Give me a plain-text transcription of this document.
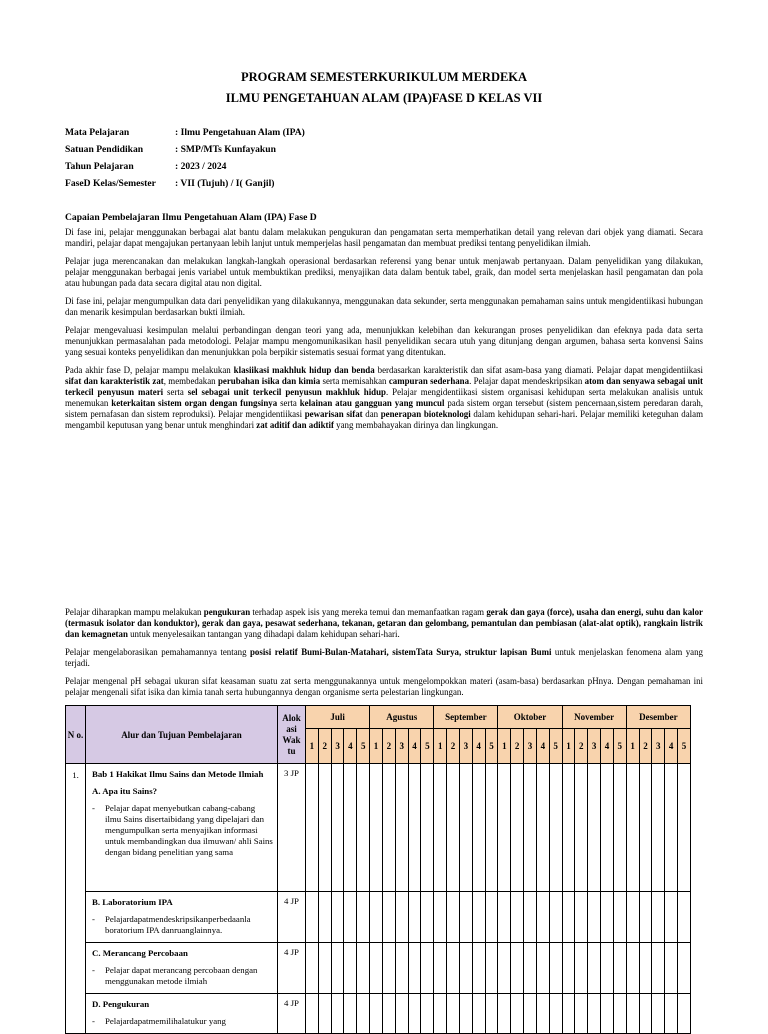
PROGRAM SEMESTERKURIKULUM MERDEKA
ILMU PENGETAHUAN ALAM (IPA)FASE D KELAS VII
Mata Pelajaran	: Ilmu Pengetahuan Alam (IPA)
Satuan Pendidikan	: SMP/MTs Kunfayakun
Tahun Pelajaran	: 2023 / 2024
FaseD Kelas/Semester : VII (Tujuh) / I( Ganjil)
Capaian Pembelajaran Ilmu Pengetahuan Alam (IPA) Fase D

Di fase ini, pelajar menggunakan berbagai alat bantu dalam melakukan pengukuran dan pengamatan serta memperhatikan detail yang relevan dari objek yang diamati. Secara mandiri, pelajar dapat mengajukan pertanyaan lebih lanjut untuk memperjelas hasil pengamatan dan membuat prediksi tentang penyelidikan ilmiah.

Pelajar juga merencanakan dan melakukan langkah-langkah operasional berdasarkan referensi yang benar untuk menjawab pertanyaan. Dalam penyelidikan yang dilakukan, pelajar menggunakan berbagai jenis variabel untuk membuktikan prediksi, menyajikan data dalam bentuk tabel, graik, dan model serta menjelaskan hasil pengamatan dan pola atau hubungan pada data secara digital atau non digital.

Di fase ini, pelajar mengumpulkan data dari penyelidikan yang dilakukannya, menggunakan data sekunder, serta menggunakan pemahaman sains untuk mengidentiikasi hubungan dan menarik kesimpulan berdasarkan bukti ilmiah.

Pelajar mengevaluasi kesimpulan melalui perbandingan dengan teori yang ada, menunjukkan kelebihan dan kekurangan proses penyelidikan dan efeknya pada data serta menunjukkan permasalahan pada metodologi. Pelajar mampu mengomunikasikan hasil penyelidikan secara utuh yang ditunjang dengan argumen, bahasa serta konvensi Sains yang sesuai konteks penyelidikan dan menunjukkan pola berpikir sistematis sesuai format yang ditentukan.

Pada akhir fase D, pelajar mampu melakukan klasiikasi makhluk hidup dan benda berdasarkan karakteristik dan sifat asam-basa yang diamati. Pelajar dapat mengidentiikasi sifat dan karakteristik zat, membedakan perubahan isika dan kimia serta memisahkan campuran sederhana. Pelajar dapat mendeskripsikan atom dan senyawa sebagai unit terkecil penyusun materi serta sel sebagai unit terkecil penyusun makhluk hidup. Pelajar mengidentiikasi sistem organisasi kehidupan serta melakukan analisis untuk menemukan keterkaitan sistem organ dengan fungsinya serta kelainan atau gangguan yang muncul pada sistem organ tersebut (sistem pencernaan,sistem peredaran darah, sistem pernafasan dan sistem reproduksi). Pelajar mengidentiikasi pewarisan sifat dan penerapan bioteknologi dalam kehidupan sehari-hari. Pelajar memiliki keteguhan dalam mengambil keputusan yang benar untuk menghindari zat aditif dan adiktif yang membahayakan dirinya dan lingkungan.

Pelajar diharapkan mampu melakukan pengukuran terhadap aspek isis yang mereka temui dan memanfaatkan ragam gerak dan gaya (force), usaha dan energi, suhu dan kalor (termasuk isolator dan konduktor), gerak dan gaya, pesawat sederhana, tekanan, getaran dan gelombang, pemantulan dan pembiasan (alat-alat optik), rangkain listrik dan kemagnetan untuk menyelesaikan tantangan yang dihadapi dalam kehidupan sehari-hari.

Pelajar mengelaborasikan pemahamannya tentang posisi relatif Bumi-Bulan-Matahari, sistemTata Surya, struktur lapisan Bumi untuk menjelaskan fenomena alam yang terjadi.

Pelajar mengenal pH sebagai ukuran sifat keasaman suatu zat serta menggunakannya untuk mengelompokkan materi (asam-basa) berdasarkan pHnya. Dengan pemahaman ini pelajar mengenali sifat isika dan kimia tanah serta hubungannya dengan organisme serta pelestarian lingkungan.

N o.	Alur dan Tujuan Pembelajaran	Alok asi Wak tu	Juli					Agustus					September					Oktober					November					Desember				
			1	2	3	4	5	1	2	3	4	5	1	2	3	4	5	1	2	3	4	5	1	2	3	4	5	1	2	3	4	5
1.	Bab 1 Hakikat Ilmu Sains dan Metode Ilmiah
A. Apa itu Sains?
- Pelajar dapat menyebutkan cabang-cabang ilmu Sains disertaibidang yang dipelajari dan mengumpulkan serta menyajikan informasi untuk membandingkan dua ilmuwan/ ahli Sains dengan bidang penelitian yang sama	3 JP																														

	B. Laboratorium IPA
- Pelajardapatmendeskripsikanperbedaanla boratorium IPA danruanglainnya.	4 JP																														

	C. Merancang Percobaan
- Pelajar dapat merancang percobaan dengan menggunakan metode ilmiah	4 JP																														

	D. Pengukuran
- Pelajardapatmemilihalatukur yang	4 JP																														
